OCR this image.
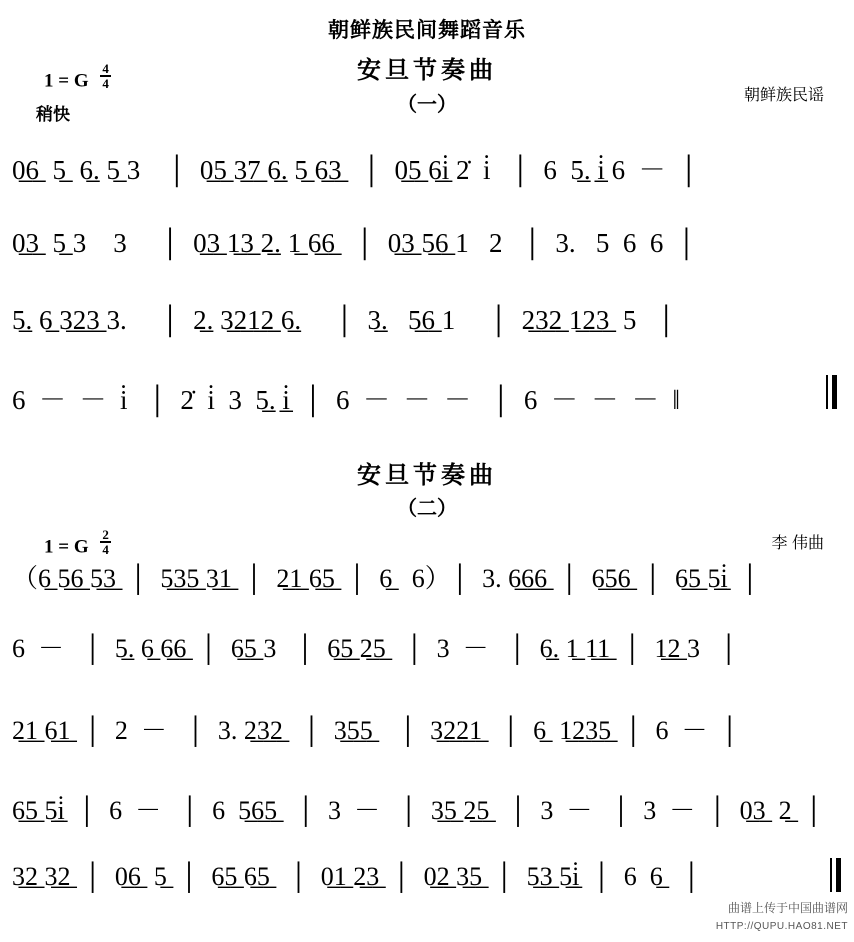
朝鲜族民间舞蹈音乐
安旦节奏曲
（一）
1 = G $\frac{4}{4}$
稍快
朝鲜族民谣
0̲6̲  5̲  6̲. 5̲ 3    │  0̲5̲ 3̲7̲ 6̲. 5̲ 6̲3̲   │  0̲5̲ 6̲i̲̇ 2̇  i̇   │  6  5̲. i̲̇ 6  －  │
0̲3̲  5̲ 3    3     │  0̲3̲ 1̲3̲ 2̲. 1̲ 6̲6̲   │  0̲3̲ 5̲6̲ 1   2   │  3.   5  6  6  │
5̲. 6̲ 3̲2̲3̲ 3.     │  2̲. 3̲2̲1̲2̲ 6̲.     │  3̲.   5̲6̲ 1     │  2̲3̲2̲ 1̲2̲3̲  5   │
6  －  －  i̇   │  2̇  i̇  3  5̲. i̲̇  │  6  －  －  －   │  6  －  －  －  ‖
安旦节奏曲
（二）
1 = G $\frac{2}{4}$	李 伟曲
（6̲ 5̲6̲ 5̲3̲  │  5̲3̲5̲ 3̲1̲  │  2̲1̲ 6̲5̲  │  6̲   6）│  3. 6̲6̲6̲  │  6̲5̲6̲  │  6̲5̲ 5̲i̲̇  │
6  －   │  5̲. 6̲ 6̲6̲  │  6̲5̲ 3   │  6̲5̲ 2̲5̲   │  3  －   │  6̲. 1̲ 1̲1̲  │  1̲2̲ 3   │
2̲1̲ 6̲1̲  │  2  －   │  3. 2̲3̲2̲   │  3̲5̲5̲    │  3̲2̲2̲1̲   │  6̲  1̲2̲3̲5̲  │  6  －  │
6̲5̲ 5̲i̲̇  │  6  －   │  6  5̲6̲5̲   │  3  －   │  3̲5̲ 2̲5̲   │  3  －   │  3  －  │  0̲3̲  2̲  │
3̲2̲ 3̲2̲  │  0̲6̲  5̲  │  6̲5̲ 6̲5̲   │  0̲1̲ 2̲3̲  │  0̲2̲ 3̲5̲  │  5̲3̲ 5̲i̲̇  │  6  6̲   │
曲谱上传于中国曲谱网
HTTP://QUPU.HAO81.NET
